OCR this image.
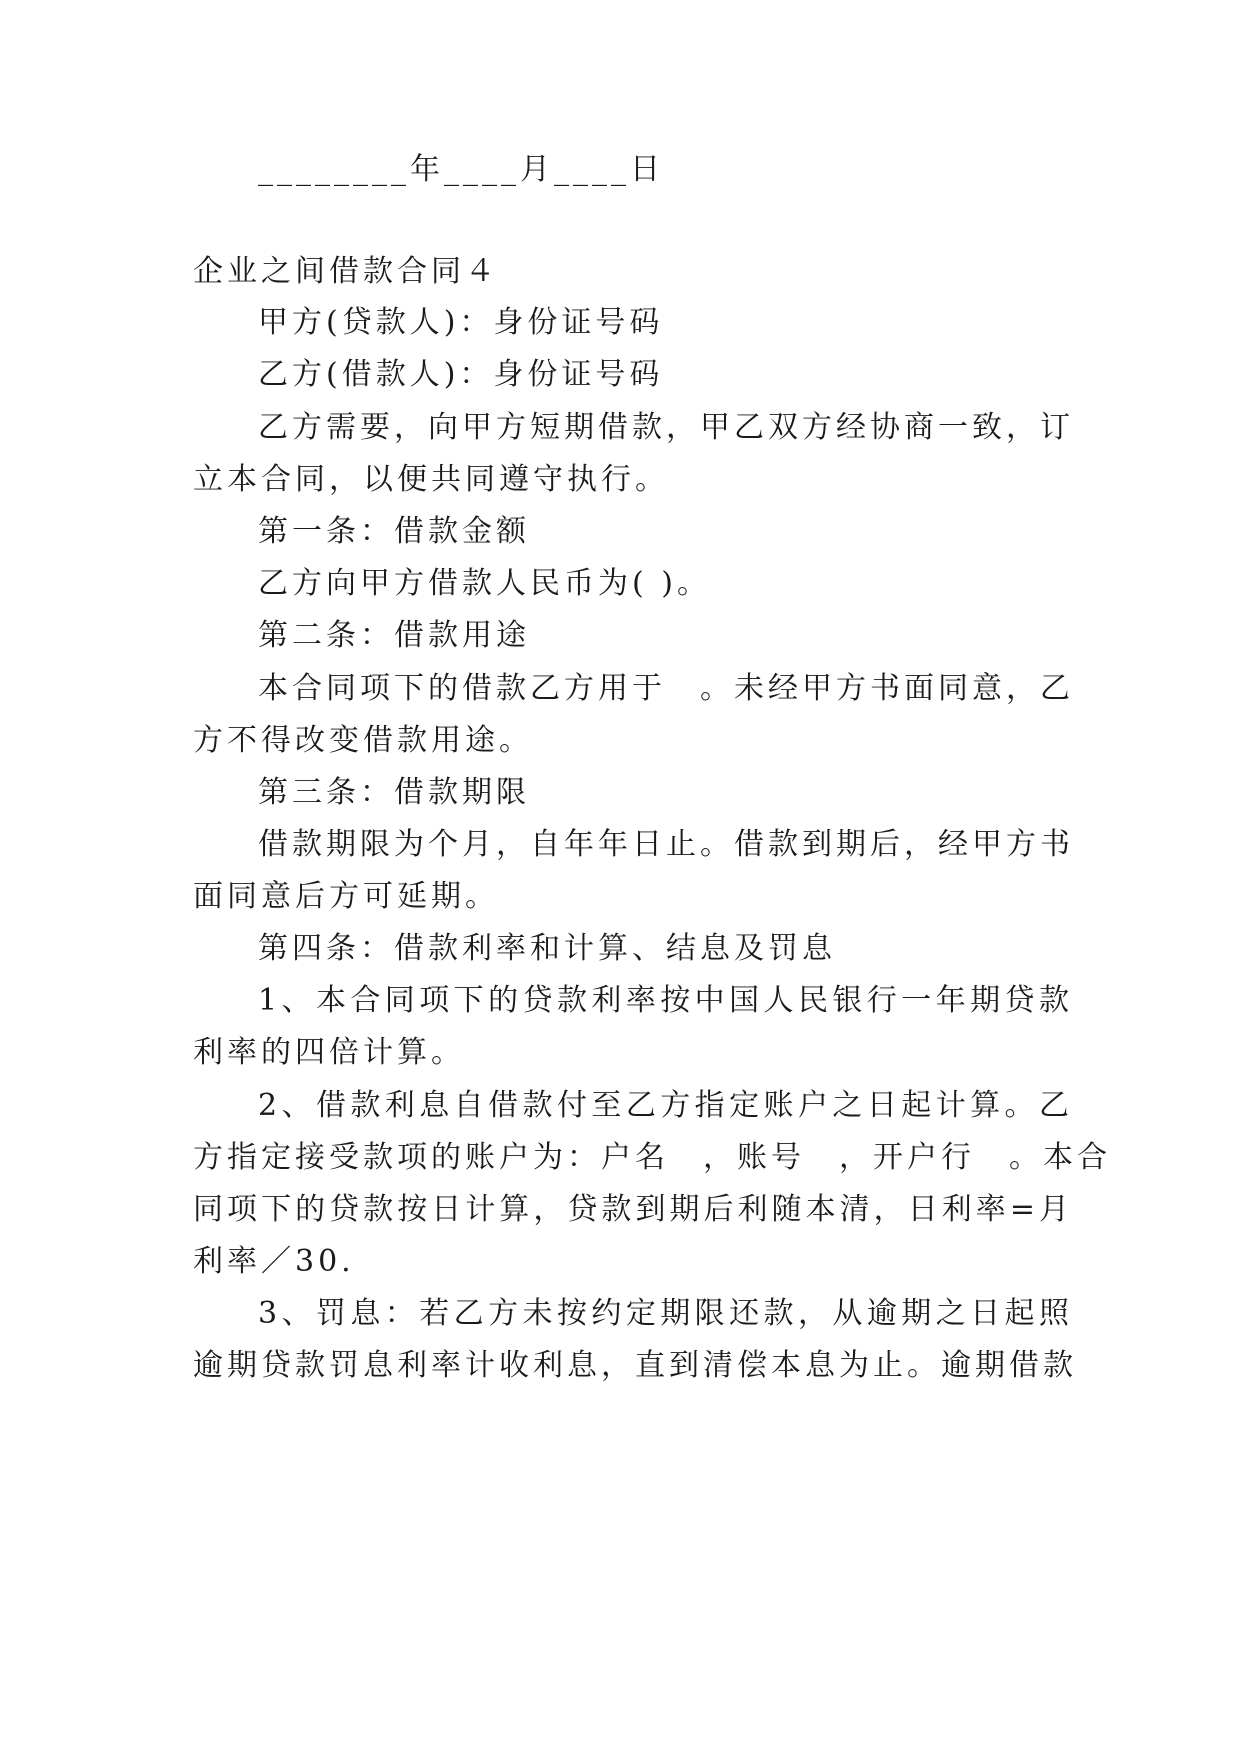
________年____月____日

企业之间借款合同４

甲方(贷款人)：身份证号码

乙方(借款人)：身份证号码

乙方需要，向甲方短期借款，甲乙双方经协商一致，订

立本合同，以便共同遵守执行。

第一条：借款金额

乙方向甲方借款人民币为( )。

第二条：借款用途

本合同项下的借款乙方用于　。未经甲方书面同意，乙

方不得改变借款用途。

第三条：借款期限

借款期限为个月，自年年日止。借款到期后，经甲方书

面同意后方可延期。

第四条：借款利率和计算、结息及罚息

1、本合同项下的贷款利率按中国人民银行一年期贷款

利率的四倍计算。

2、借款利息自借款付至乙方指定账户之日起计算。乙

方指定接受款项的账户为：户名　，账号　，开户行　。本合

同项下的贷款按日计算，贷款到期后利随本清，日利率=月

利率／30.

3、罚息：若乙方未按约定期限还款，从逾期之日起照

逾期贷款罚息利率计收利息，直到清偿本息为止。逾期借款
